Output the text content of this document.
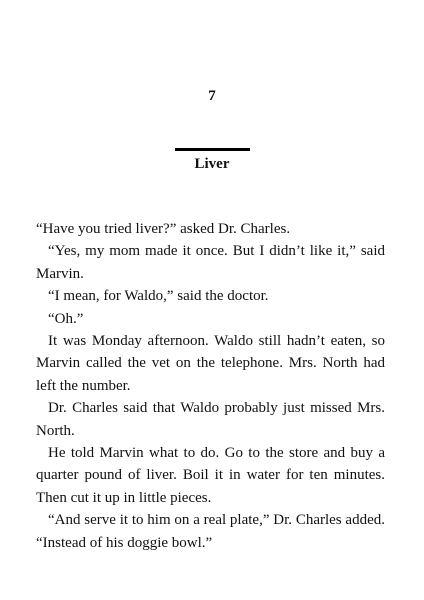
7
Liver

“Have you tried liver?” asked Dr. Charles.

“Yes, my mom made it once. But I didn’t like it,” said Marvin.

“I mean, for Waldo,” said the doctor.

“Oh.”

It was Monday afternoon. Waldo still hadn’t eaten, so Marvin called the vet on the telephone. Mrs. North had left the number.

Dr. Charles said that Waldo probably just missed Mrs. North.

He told Marvin what to do. Go to the store and buy a quarter pound of liver. Boil it in water for ten minutes. Then cut it up in little pieces.

“And serve it to him on a real plate,” Dr. Charles added. “Instead of his doggie bowl.”
